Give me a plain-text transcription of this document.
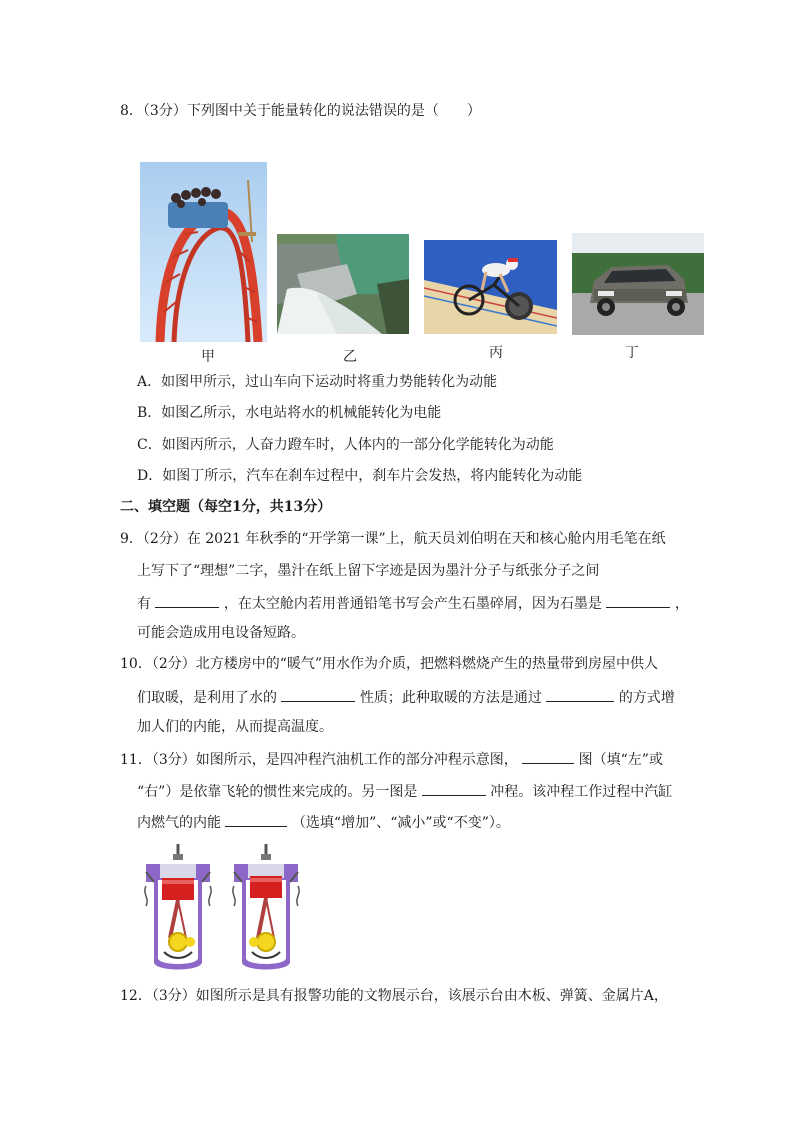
8．（3分）下列图中关于能量转化的说法错误的是（　　）
甲	乙	丙	丁
A．如图甲所示，过山车向下运动时将重力势能转化为动能
B．如图乙所示，水电站将水的机械能转化为电能
C．如图丙所示，人奋力蹬车时，人体内的一部分化学能转化为动能
D．如图丁所示，汽车在刹车过程中，刹车片会发热，将内能转化为动能
二、填空题（每空1分，共13分）
9．（2分）在 2021 年秋季的“开学第一课”上，航天员刘伯明在天和核心舱内用毛笔在纸
上写下了“理想”二字，墨汁在纸上留下字迹是因为墨汁分子与纸张分子之间
有	，在太空舱内若用普通铅笔书写会产生石墨碎屑，因为石墨是	，
可能会造成用电设备短路。
10．（2分）北方楼房中的“暖气”用水作为介质，把燃料燃烧产生的热量带到房屋中供人
们取暖，是利用了水的	性质；此种取暖的方法是通过	的方式增
加人们的内能，从而提高温度。
11．（3分）如图所示，是四冲程汽油机工作的部分冲程示意图，	图（填“左”或
“右”）是依靠飞轮的惯性来完成的。另一图是	冲程。该冲程工作过程中汽缸
内燃气的内能	（选填“增加”、“减小”或“不变”）。
12．（3分）如图所示是具有报警功能的文物展示台，该展示台由木板、弹簧、金属片A，
